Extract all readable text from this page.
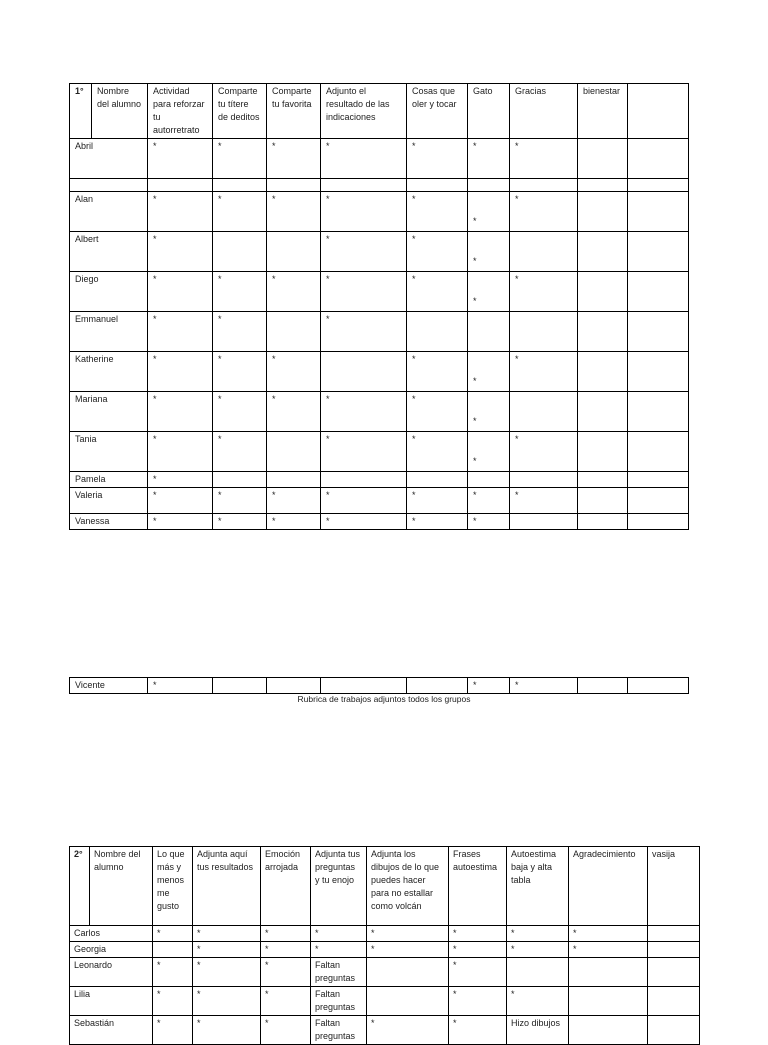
1°	Nombre del alumno	Actividad para reforzar tu autorretrato	Comparte tu títere de deditos	Comparte tu favorita	Adjunto el resultado de las indicaciones	Cosas que oler y tocar	Gato	Gracias	bienestar	
Abril		*	*	*	*	*	*	*		

Alan		*	*	*	*	*	*	*		
Albert		*			*	*	*			
Diego		*	*	*	*	*	*	*		
Emmanuel		*	*		*					
Katherine		*	*	*		*	*	*		
Mariana		*	*	*	*	*	*			
Tania		*	*		*	*	*	*		
Pamela		*								
Valeria		*	*	*	*	*	*	*		
Vanessa		*	*	*	*	*	*			
Vicente	*					*	*		
Rubrica de trabajos adjuntos todos los grupos
2°	Nombre del alumno	Lo que más y menos me gusto	Adjunta aquí tus resultados	Emoción arrojada	Adjunta tus preguntas y tu enojo	Adjunta los dibujos de lo que puedes hacer para no estallar como volcán	Frases autoestima	Autoestima baja y alta tabla	Agradecimiento	vasija
Carlos		*	*	*	*	*	*	*	*	
Georgia			*	*	*	*	*	*	*	
Leonardo		*	*	*	Faltan preguntas		*			
Lilia		*	*	*	Faltan preguntas		*	*		
Sebastián		*	*	*	Faltan preguntas	*	*	Hizo dibujos		
